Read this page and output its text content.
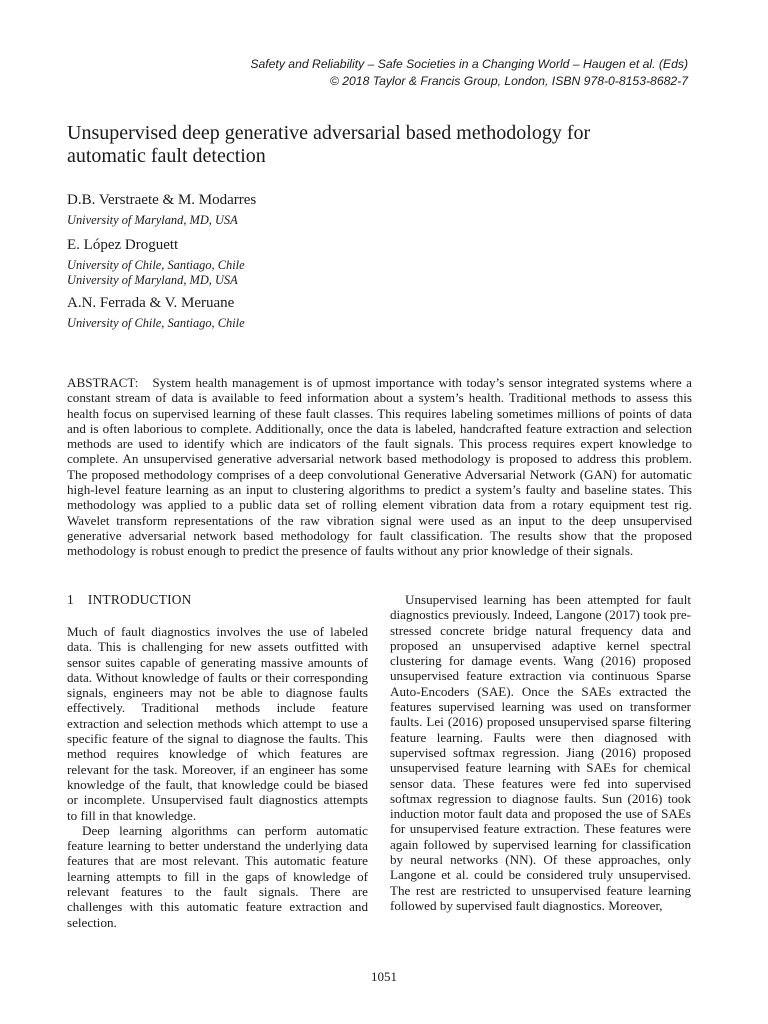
Safety and Reliability – Safe Societies in a Changing World – Haugen et al. (Eds)
© 2018 Taylor & Francis Group, London, ISBN 978-0-8153-8682-7
Unsupervised deep generative adversarial based methodology for
automatic fault detection

D.B. Verstraete & M. Modarres

University of Maryland, MD, USA

E. López Droguett

University of Chile, Santiago, Chile

University of Maryland, MD, USA

A.N. Ferrada & V. Meruane

University of Chile, Santiago, Chile

ABSTRACT: System health management is of upmost importance with today’s sensor integrated systems where a constant stream of data is available to feed information about a system’s health. Traditional methods to assess this health focus on supervised learning of these fault classes. This requires labeling sometimes millions of points of data and is often laborious to complete. Additionally, once the data is labeled, handcrafted feature extraction and selection methods are used to identify which are indicators of the fault signals. This process requires expert knowledge to complete. An unsupervised generative adversarial network based methodology is proposed to address this problem. The proposed methodology comprises of a deep convolutional Generative Adversarial Network (GAN) for automatic high-level feature learning as an input to clustering algorithms to predict a system’s faulty and baseline states. This methodology was applied to a public data set of rolling element vibration data from a rotary equipment test rig. Wavelet transform representations of the raw vibration signal were used as an input to the deep unsupervised generative adversarial network based methodology for fault classification. The results show that the proposed methodology is robust enough to predict the presence of faults without any prior knowledge of their signals.

1 INTRODUCTION

Much of fault diagnostics involves the use of labeled data. This is challenging for new assets outfitted with sensor suites capable of generating massive amounts of data. Without knowledge of faults or their corresponding signals, engineers may not be able to diagnose faults effectively. Traditional methods include feature extraction and selection methods which attempt to use a specific feature of the signal to diagnose the faults. This method requires knowledge of which features are relevant for the task. Moreover, if an engineer has some knowledge of the fault, that knowledge could be biased or incomplete. Unsupervised fault diagnostics attempts to fill in that knowledge.

Deep learning algorithms can perform automatic feature learning to better understand the underlying data features that are most relevant. This automatic feature learning attempts to fill in the gaps of knowledge of relevant features to the fault signals. There are challenges with this automatic feature extraction and selection.

Unsupervised learning has been attempted for fault diagnostics previously. Indeed, Langone (2017) took pre-stressed concrete bridge natural frequency data and proposed an unsupervised adaptive kernel spectral clustering for damage events. Wang (2016) proposed unsupervised feature extraction via continuous Sparse Auto-Encoders (SAE). Once the SAEs extracted the features supervised learning was used on transformer faults. Lei (2016) proposed unsupervised sparse filtering feature learning. Faults were then diagnosed with supervised softmax regression. Jiang (2016) proposed unsupervised feature learning with SAEs for chemical sensor data. These features were fed into supervised softmax regression to diagnose faults. Sun (2016) took induction motor fault data and proposed the use of SAEs for unsupervised feature extraction. These features were again followed by supervised learning for classification by neural networks (NN). Of these approaches, only Langone et al. could be considered truly unsupervised. The rest are restricted to unsupervised feature learning followed by supervised fault diagnostics. Moreover,

1051
